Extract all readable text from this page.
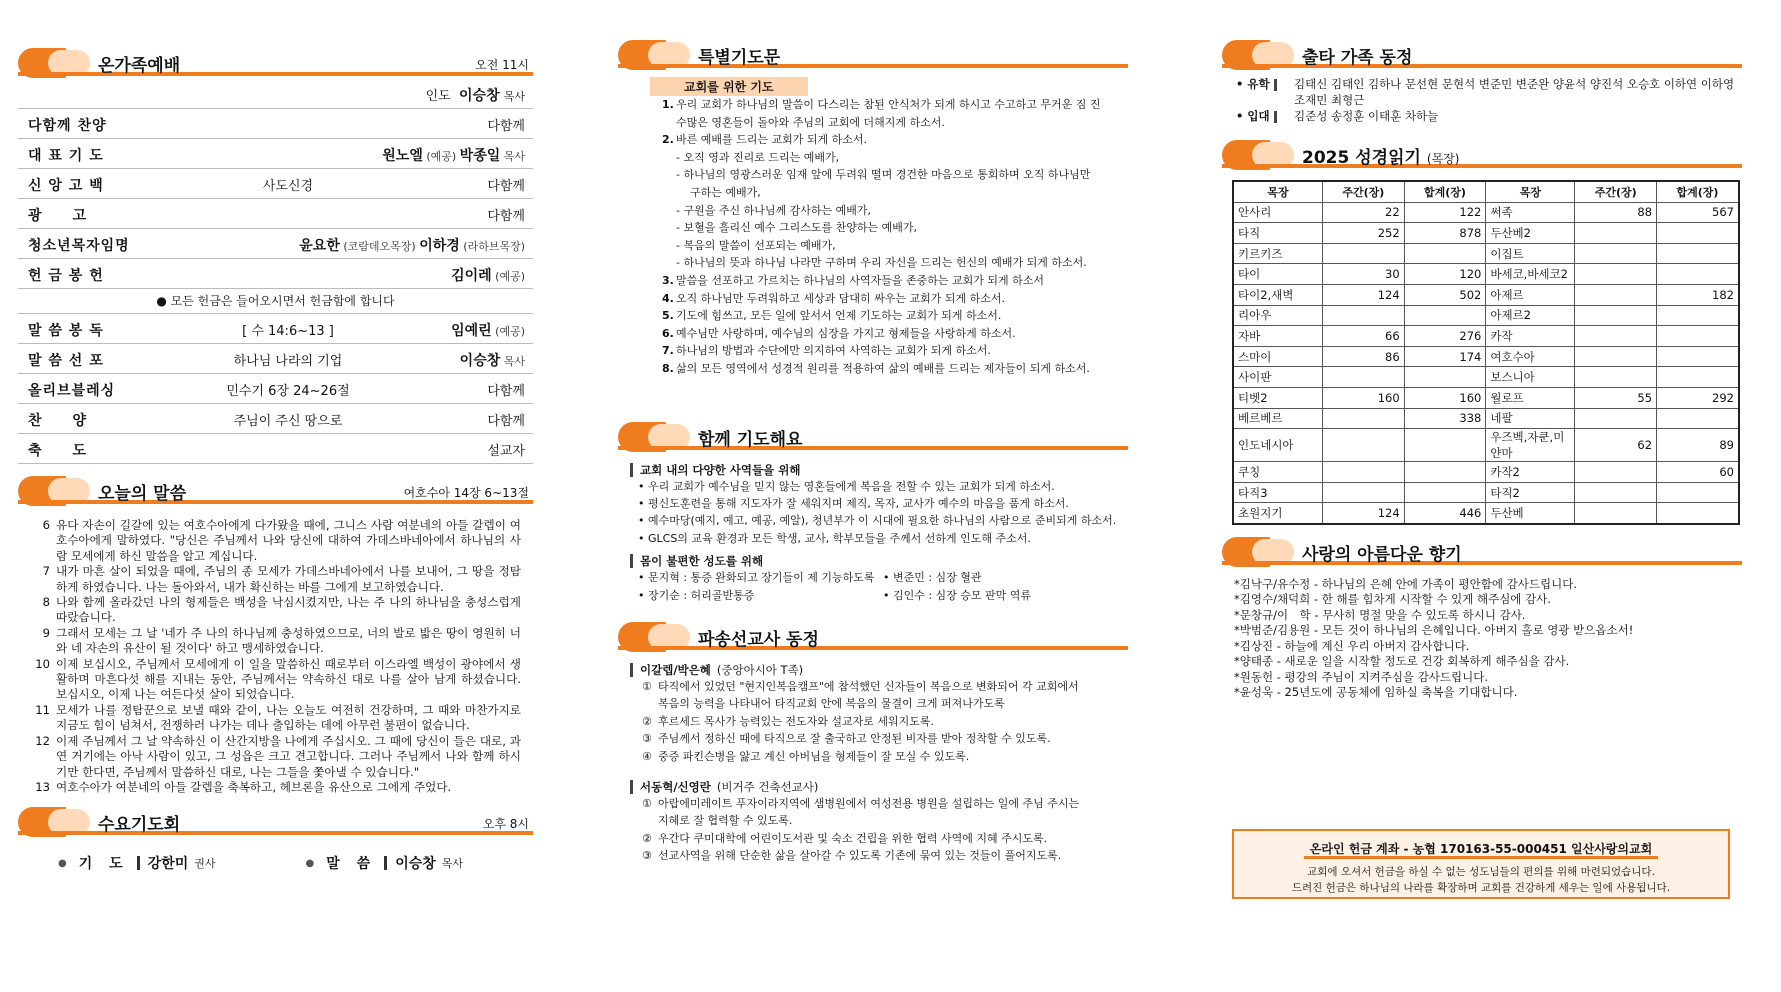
온가족예배	오전 11시
인도 이승창 목사
다함께 찬양	다함께
대 표 기 도	원노엘 (예공) 박종일 목사
신 앙 고 백	사도신경	다함께
광　　고	다함께
청소년목자임명	윤요한 (코람데오목장) 이하경 (라하브목장)
헌 금 봉 헌	김이레 (예공)
● 모든 헌금은 들어오시면서 헌금함에 합니다
말 씀 봉 독	[ 수 14:6~13 ]	임예린 (예공)
말 씀 선 포	하나님 나라의 기업	이승창 목사
올리브블레싱	민수기 6장 24~26절	다함께
찬　　양	주님이 주신 땅으로	다함께
축　　도	설교자
오늘의 말씀	여호수아 14장 6~13절
6 유다 자손이 길갈에 있는 여호수아에게 다가왔을 때에, 그니스 사람 여분네의 아들 갈렙이 여호수아에게 말하였다. "당신은 주님께서 나와 당신에 대하여 가데스바네아에서 하나님의 사람 모세에게 하신 말씀을 알고 계십니다.
7 내가 마흔 살이 되었을 때에, 주님의 종 모세가 가데스바네아에서 나를 보내어, 그 땅을 정탐하게 하였습니다. 나는 돌아와서, 내가 확신하는 바를 그에게 보고하였습니다.
8 나와 함께 올라갔던 나의 형제들은 백성을 낙심시켰지만, 나는 주 나의 하나님을 충성스럽게 따랐습니다.
9 그래서 모세는 그 날 '네가 주 나의 하나님께 충성하였으므로, 너의 발로 밟은 땅이 영원히 너와 네 자손의 유산이 될 것이다' 하고 맹세하였습니다.
10 이제 보십시오, 주님께서 모세에게 이 일을 말씀하신 때로부터 이스라엘 백성이 광야에서 생활하며 마흔다섯 해를 지내는 동안, 주님께서는 약속하신 대로 나를 살아 남게 하셨습니다. 보십시오, 이제 나는 여든다섯 살이 되었습니다.
11 모세가 나를 정탐꾼으로 보낼 때와 같이, 나는 오늘도 여전히 건강하며, 그 때와 마찬가지로 지금도 힘이 넘쳐서, 전쟁하러 나가는 데나 출입하는 데에 아무런 불편이 없습니다.
12 이제 주님께서 그 날 약속하신 이 산간지방을 나에게 주십시오. 그 때에 당신이 들은 대로, 과연 거기에는 아낙 사람이 있고, 그 성읍은 크고 견고합니다. 그러나 주님께서 나와 함께 하시기만 한다면, 주님께서 말씀하신 대로, 나는 그들을 쫓아낼 수 있습니다."
13 여호수아가 여분네의 아들 갈렙을 축복하고, 헤브론을 유산으로 그에게 주었다.
수요기도회	오후 8시
● 기 도 강한미 권사	● 말 씀 이승창 목사
특별기도문
교회를 위한 기도
1. 우리 교회가 하나님의 말씀이 다스리는 참된 안식처가 되게 하시고 수고하고 무거운 짐 진
수많은 영혼들이 돌아와 주님의 교회에 더해지게 하소서.
2. 바른 예배를 드리는 교회가 되게 하소서.
- 오직 영과 진리로 드리는 예배가,
- 하나님의 영광스러운 임재 앞에 두려워 떨며 경건한 마음으로 통회하며 오직 하나님만
구하는 예배가,
- 구원을 주신 하나님께 감사하는 예배가,
- 보혈을 흘리신 예수 그리스도를 찬양하는 예배가,
- 복음의 말씀이 선포되는 예배가,
- 하나님의 뜻과 하나님 나라만 구하며 우리 자신을 드리는 헌신의 예배가 되게 하소서.
3. 말씀을 선포하고 가르치는 하나님의 사역자들을 존중하는 교회가 되게 하소서
4. 오직 하나님만 두려워하고 세상과 담대히 싸우는 교회가 되게 하소서.
5. 기도에 힘쓰고, 모든 일에 앞서서 언제 기도하는 교회가 되게 하소서.
6. 예수님만 사랑하며, 예수님의 심장을 가지고 형제들을 사랑하게 하소서.
7. 하나님의 방법과 수단에만 의지하여 사역하는 교회가 되게 하소서.
8. 삶의 모든 영역에서 성경적 원리를 적용하여 삶의 예배를 드리는 제자들이 되게 하소서.
함께 기도해요
교회 내의 다양한 사역들을 위해
• 우리 교회가 예수님을 믿지 않는 영혼들에게 복음을 전할 수 있는 교회가 되게 하소서.
• 평신도훈련을 통해 지도자가 잘 세워지며 제직, 목자, 교사가 예수의 마음을 품게 하소서.
• 예수마당(예지, 예고, 예공, 예알), 청년부가 이 시대에 필요한 하나님의 사람으로 준비되게 하소서.
• GLCS의 교육 환경과 모든 학생, 교사, 학부모들을 주께서 선하게 인도해 주소서.
몸이 불편한 성도를 위해
• 문지혁 : 통증 완화되고 장기들이 제 기능하도록
• 장기순 : 허리골반통증
• 변준민 : 심장 혈관
• 김인수 : 심장 승모 판막 역류
파송선교사 동정
이갈렙/박은혜 (중앙아시아 T족)
① 타직에서 있었던 "현지인복음캠프"에 참석했던 신자들이 복음으로 변화되어 각 교회에서
복음의 능력을 나타내어 타직교회 안에 복음의 물결이 크게 퍼져나가도록
② 후르세드 목사가 능력있는 전도자와 설교자로 세워지도록.
③ 주님께서 정하신 때에 타직으로 잘 출국하고 안정된 비자를 받아 정착할 수 있도록.
④ 중증 파킨슨병을 앓고 계신 아버님을 형제들이 잘 모실 수 있도록.
서동혁/신영란 (비거주 건축선교사)
① 아랍에미레이트 푸자이라지역에 샘병원에서 여성전용 병원을 설립하는 일에 주님 주시는
지혜로 잘 협력할 수 있도록.
② 우간다 쿠미대학에 어린이도서관 및 숙소 건립을 위한 협력 사역에 지혜 주시도록.
③ 선교사역을 위해 단순한 삶을 살아갈 수 있도록 기존에 묶여 있는 것들이 풀어지도록.
출타 가족 동정
• 유학	김태신 김태인 김하나 문선현 문현석 변준민 변준완 양윤석 양진석 오승호 이하연 이하영 조재민 최형근
• 입대	김준성 송정훈 이태훈 차하늘
2025 성경읽기 (목장)
목장	주간(장)	합계(장)	목장	주간(장)	합계(장)
안사리	22	122	써족	88	567
타직	252	878	두산베2		
키르키즈			이집트		
타이	30	120	바세코,바세코2		
타이2,새벽	124	502	아제르		182
리아우			아제르2		
자바	66	276	카작		
스마이	86	174	여호수아		
사이판			보스니아		
티벳2	160	160	월로프	55	292
베르베르		338	네팔		
인도네시아			우즈벡,자쿤,미얀마	62	89
쿠칭			카작2		60
타직3			타직2		
초원지기	124	446	두산베		
사랑의 아름다운 향기
*김낙구/유수정 - 하나님의 은혜 안에 가족이 평안함에 감사드립니다.
*김영수/채덕희 - 한 해를 힘차게 시작할 수 있게 해주심에 감사.
*문창규/이　학 - 무사히 명절 맞을 수 있도록 하시니 감사.
*박범준/김용원 - 모든 것이 하나님의 은혜입니다. 아버지 홀로 영광 받으옵소서!
*김상진 - 하늘에 계신 우리 아버지 감사합니다.
*양태종 - 새로운 일을 시작할 정도로 건강 회복하게 해주심을 감사.
*원동헌 - 평강의 주님이 지켜주심을 감사드립니다.
*윤성욱 - 25년도에 공동체에 임하실 축복을 기대합니다.
온라인 헌금 계좌 - 농협 170163-55-000451 일산사랑의교회
교회에 오셔서 헌금을 하실 수 없는 성도님들의 편의를 위해 마련되었습니다.
드려진 헌금은 하나님의 나라를 확장하며 교회를 건강하게 세우는 일에 사용됩니다.
